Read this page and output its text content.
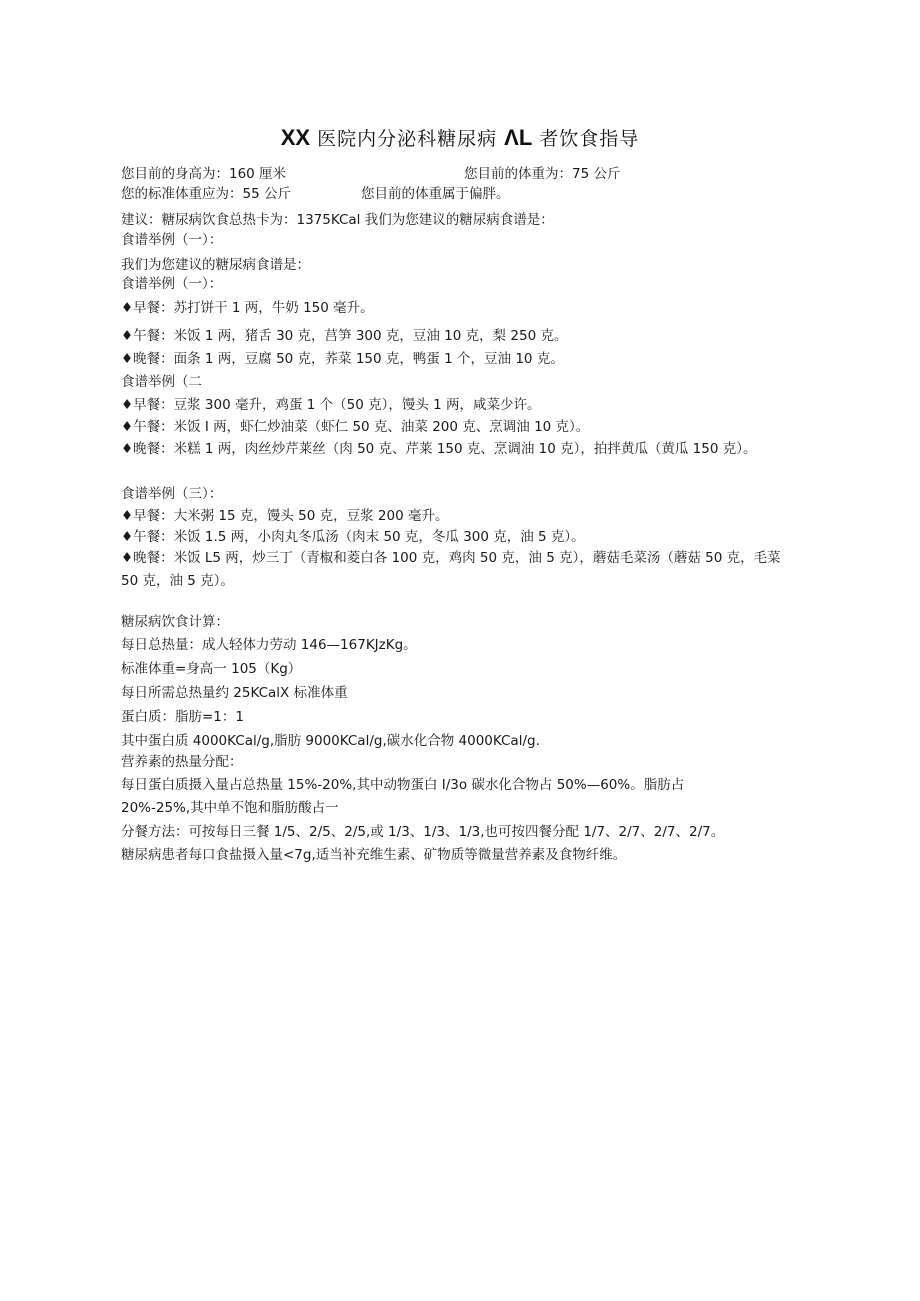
XX 医院内分泌科糖尿病 ΛL 者饮食指导
您目前的身高为：160 厘米	您目前的体重为：75 公斤
您的标准体重应为：55 公斤	您目前的体重属于偏胖。
建议：糖尿病饮食总热卡为：1375KCal 我们为您建议的糖尿病食谱是：
食谱举例（一）：
我们为您建议的糖尿病食谱是：
食谱举例（一）：
♦早餐：苏打饼干 1 两，牛奶 150 毫升。
♦午餐：米饭 1 两，猪舌 30 克，莒笋 300 克，豆油 10 克，梨 250 克。
♦晚餐：面条 1 两，豆腐 50 克，荞菜 150 克，鸭蛋 1 个，豆油 10 克。
食谱举例（二
♦早餐：豆浆 300 毫升，鸡蛋 1 个（50 克），馒头 1 两，咸菜少许。
♦午餐：米饭 I 两，虾仁炒油菜（虾仁 50 克、油菜 200 克、烹调油 10 克）。
♦晚餐：米糕 1 两，肉丝炒芹莱丝（肉 50 克、芹莱 150 克、烹调油 10 克），拍拌黄瓜（黄瓜 150 克）。
食谱举例（三）：
♦早餐：大米粥 15 克，馒头 50 克，豆浆 200 毫升。
♦午餐：米饭 1.5 两，小肉丸冬瓜汤（肉末 50 克，冬瓜 300 克，油 5 克）。
♦晚餐：米饭 L5 两，炒三丁（青椒和菱白各 100 克，鸡肉 50 克，油 5 克），蘑菇毛菜汤（蘑菇 50 克，毛菜 50 克，油 5 克）。
糖尿病饮食计算：
每日总热量：成人轻体力劳动 146—167KJzKg。
标准体重=身高一 105（Kg）
每日所需总热量约 25KCalX 标准体重
蛋白质：脂肪=1：1
其中蛋白质 4000KCal∕g,脂肪 9000KCal∕g,碳水化合物 4000KCal/g.
营养素的热量分配：
每日蛋白质摄入量占总热量 15%-20%,其中动物蛋白 I∕3o 碳水化合物占 50%—60%。脂肪占 20%-25%,其中单不饱和脂肪酸占一
分餐方法：可按每日三餐 1/5、2/5、2/5,或 1/3、1/3、1/3,也可按四餐分配 1/7、2/7、2/7、2/7。
糖尿病患者每口食盐摄入量<7g,适当补充维生素、矿物质等微量营养素及食物纤维。
